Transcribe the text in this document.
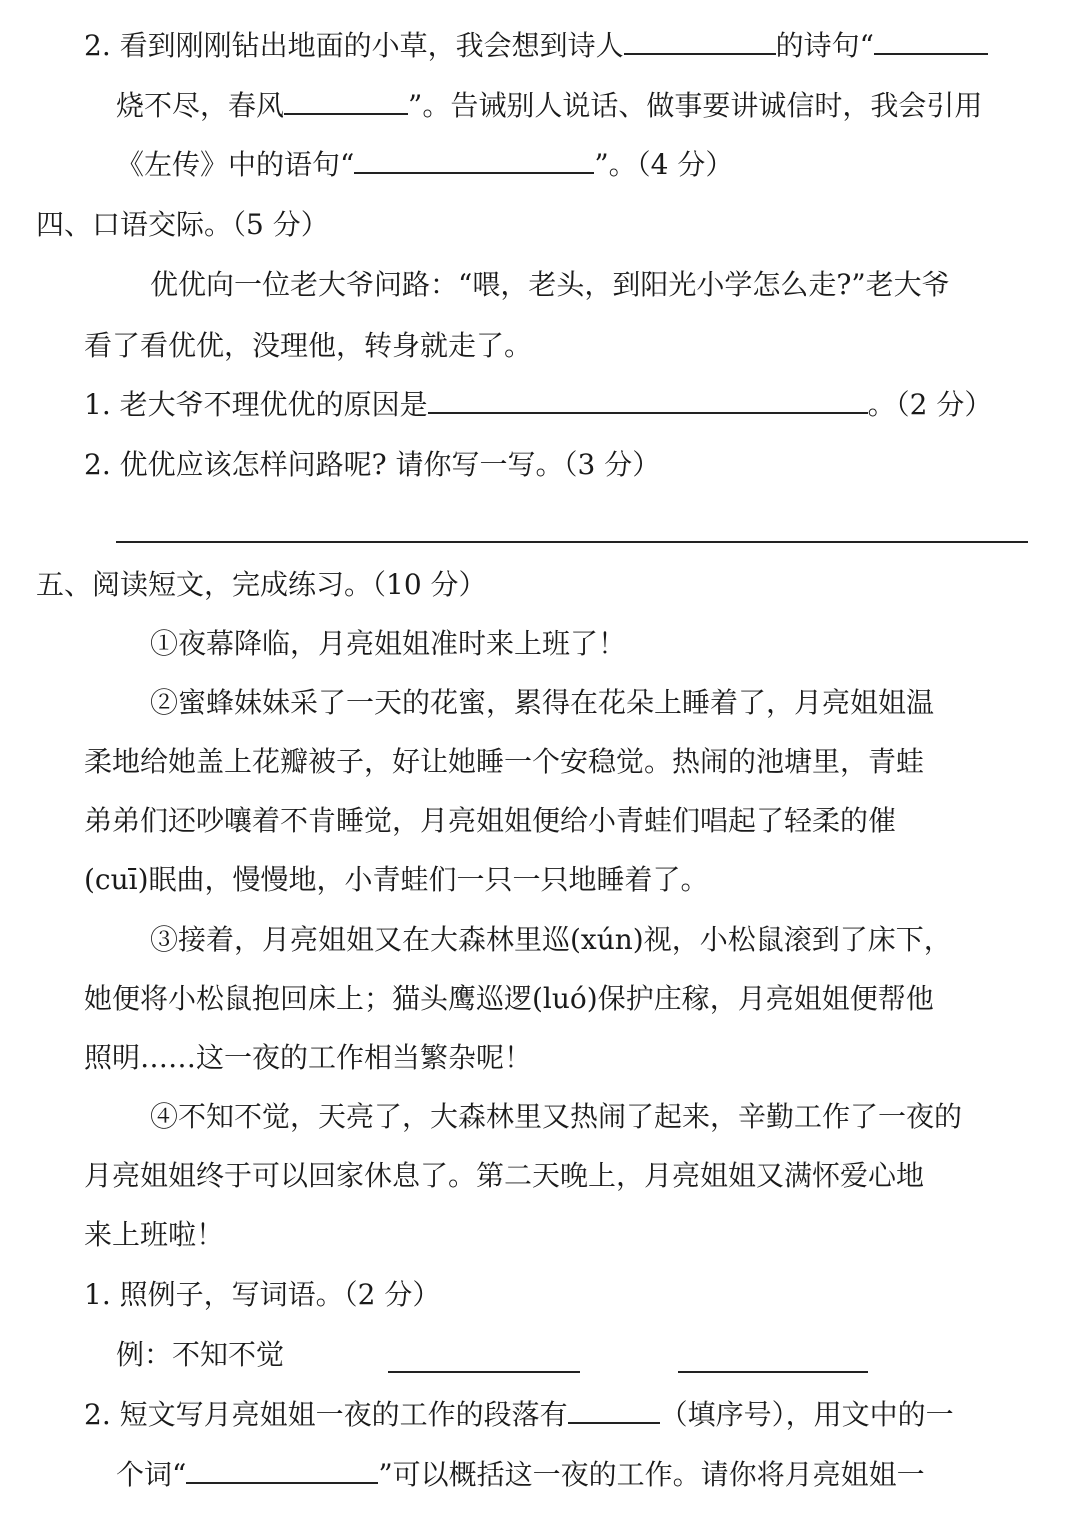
2. 看到刚刚钻出地面的小草，我会想到诗人	的诗句“
烧不尽，春风	”。告诫别人说话、做事要讲诚信时，我会引用
《左传》中的语句“	”。（4 分）
四、口语交际。（5 分）
优优向一位老大爷问路：“喂，老头，到阳光小学怎么走?”老大爷
看了看优优，没理他，转身就走了。
1. 老大爷不理优优的原因是	。（2 分）
2. 优优应该怎样问路呢? 请你写一写。（3 分）
五、阅读短文，完成练习。（10 分）
①夜幕降临，月亮姐姐准时来上班了！
②蜜蜂妹妹采了一天的花蜜，累得在花朵上睡着了，月亮姐姐温
柔地给她盖上花瓣被子，好让她睡一个安稳觉。热闹的池塘里，青蛙
弟弟们还吵嚷着不肯睡觉，月亮姐姐便给小青蛙们唱起了轻柔的催
(cuī)眠曲，慢慢地，小青蛙们一只一只地睡着了。
③接着，月亮姐姐又在大森林里巡(xún)视，小松鼠滚到了床下，
她便将小松鼠抱回床上；猫头鹰巡逻(luó)保护庄稼，月亮姐姐便帮他
照明……这一夜的工作相当繁杂呢！
④不知不觉，天亮了，大森林里又热闹了起来，辛勤工作了一夜的
月亮姐姐终于可以回家休息了。第二天晚上，月亮姐姐又满怀爱心地
来上班啦！
1. 照例子，写词语。（2 分）
例：不知不觉
2. 短文写月亮姐姐一夜的工作的段落有	（填序号），用文中的一
个词“	”可以概括这一夜的工作。请你将月亮姐姐一
